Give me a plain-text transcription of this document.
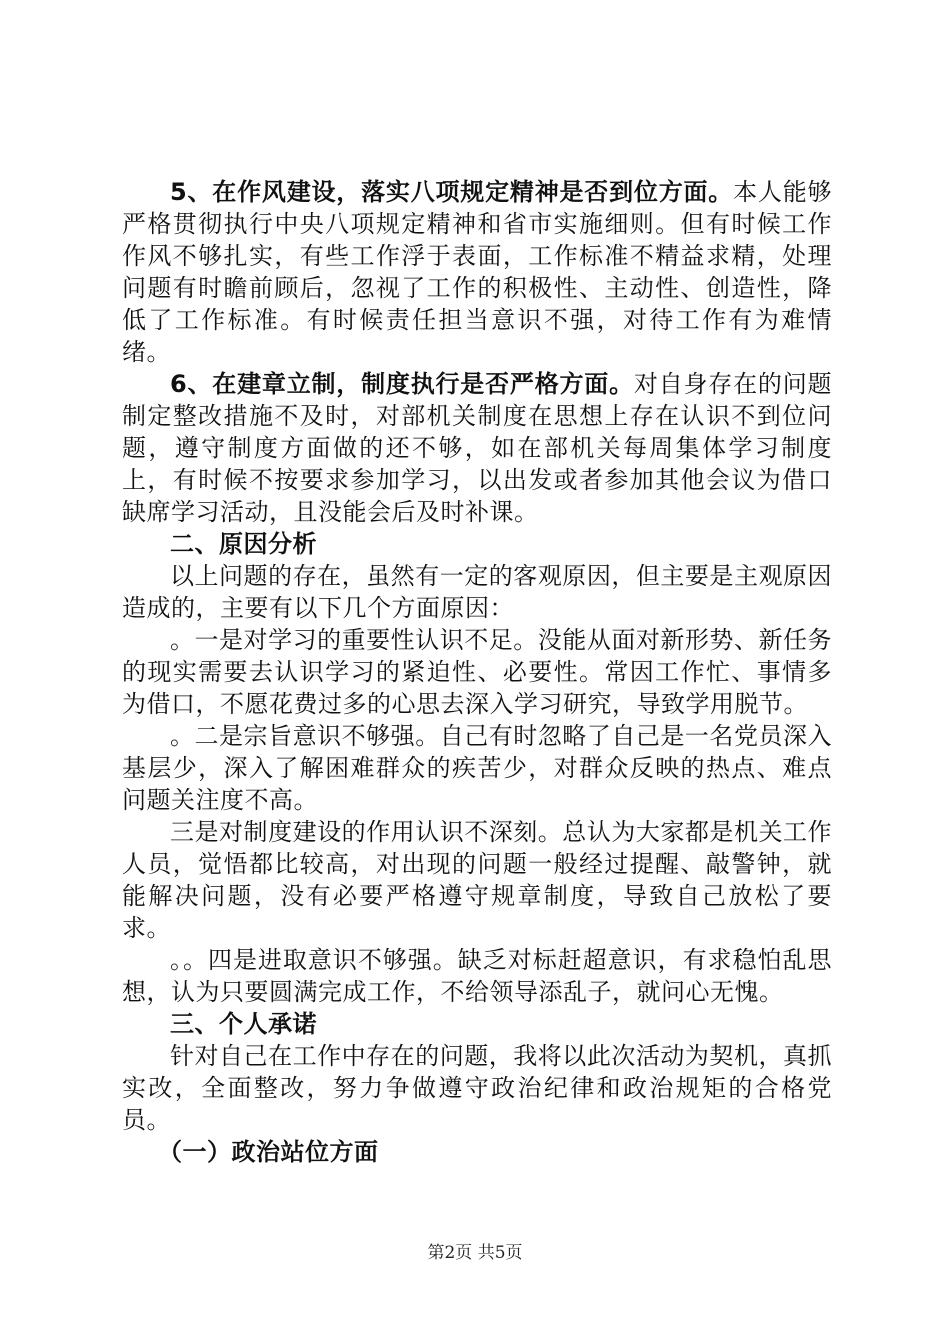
5、在作风建设，落实八项规定精神是否到位方面。本人能够严格贯彻执行中央八项规定精神和省市实施细则。但有时候工作作风不够扎实，有些工作浮于表面，工作标准不精益求精，处理问题有时瞻前顾后，忽视了工作的积极性、主动性、创造性，降低了工作标准。有时候责任担当意识不强，对待工作有为难情绪。

6、在建章立制，制度执行是否严格方面。对自身存在的问题制定整改措施不及时，对部机关制度在思想上存在认识不到位问题，遵守制度方面做的还不够，如在部机关每周集体学习制度上，有时候不按要求参加学习，以出发或者参加其他会议为借口缺席学习活动，且没能会后及时补课。

二、原因分析

以上问题的存在，虽然有一定的客观原因，但主要是主观原因造成的，主要有以下几个方面原因：

。一是对学习的重要性认识不足。没能从面对新形势、新任务的现实需要去认识学习的紧迫性、必要性。常因工作忙、事情多为借口，不愿花费过多的心思去深入学习研究，导致学用脱节。

。二是宗旨意识不够强。自己有时忽略了自己是一名党员深入基层少，深入了解困难群众的疾苦少，对群众反映的热点、难点问题关注度不高。

三是对制度建设的作用认识不深刻。总认为大家都是机关工作人员，觉悟都比较高，对出现的问题一般经过提醒、敲警钟，就能解决问题，没有必要严格遵守规章制度，导致自己放松了要求。

。。四是进取意识不够强。缺乏对标赶超意识，有求稳怕乱思想，认为只要圆满完成工作，不给领导添乱子，就问心无愧。

三、个人承诺

针对自己在工作中存在的问题，我将以此次活动为契机，真抓实改，全面整改，努力争做遵守政治纪律和政治规矩的合格党员。

（一）政治站位方面

第2页 共5页
